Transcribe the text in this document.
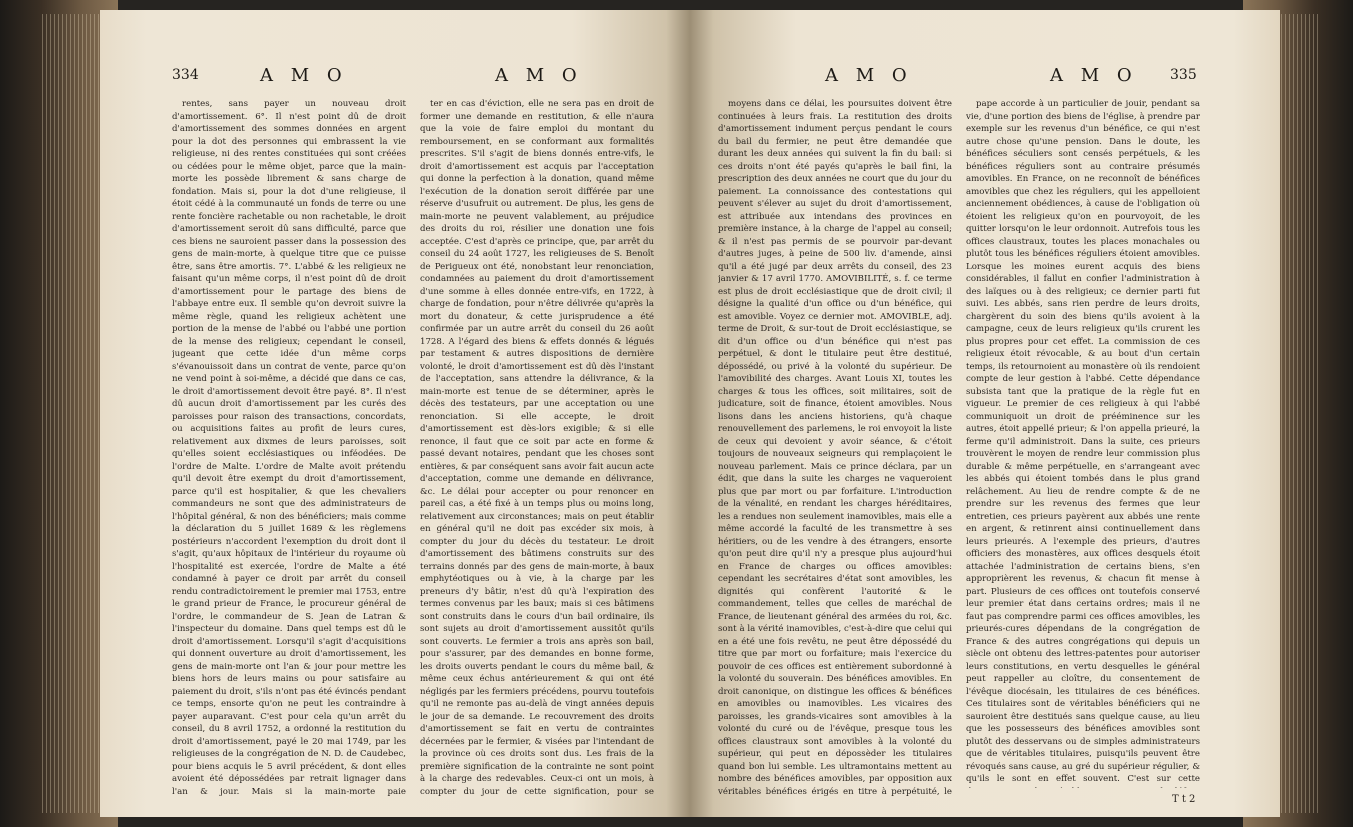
334	A M O	A M O

rentes, sans payer un nouveau droit d'amortissement. 6°. Il n'est point dû de droit d'amortissement des sommes données en argent pour la dot des personnes qui embrassent la vie religieuse, ni des rentes constituées qui sont créées ou cédées pour le même objet, parce que la main-morte les possède librement & sans charge de fondation. Mais si, pour la dot d'une religieuse, il étoit cédé à la communauté un fonds de terre ou une rente foncière rachetable ou non rachetable, le droit d'amortissement seroit dû sans difficulté, parce que ces biens ne sauroient passer dans la possession des gens de main-morte, à quelque titre que ce puisse être, sans être amortis. 7°. L'abbé & les religieux ne faisant qu'un même corps, il n'est point dû de droit d'amortissement pour le partage des biens de l'abbaye entre eux. Il semble qu'on devroit suivre la même règle, quand les religieux achètent une portion de la mense de l'abbé ou l'abbé une portion de la mense des religieux; cependant le conseil, jugeant que cette idée d'un même corps s'évanouissoit dans un contrat de vente, parce qu'on ne vend point à soi-même, a décidé que dans ce cas, le droit d'amortissement devoit être payé. 8°. Il n'est dû aucun droit d'amortissement par les curés des paroisses pour raison des transactions, concordats, ou acquisitions faites au profit de leurs cures, relativement aux dixmes de leurs paroisses, soit qu'elles soient ecclésiastiques ou inféodées. De l'ordre de Malte. L'ordre de Malte avoit prétendu qu'il devoit être exempt du droit d'amortissement, parce qu'il est hospitalier, & que les chevaliers commandeurs ne sont que des administrateurs de l'hôpital général, & non des bénéficiers; mais comme la déclaration du 5 juillet 1689 & les règlemens postérieurs n'accordent l'exemption du droit dont il s'agit, qu'aux hôpitaux de l'intérieur du royaume où l'hospitalité est exercée, l'ordre de Malte a été condamné à payer ce droit par arrêt du conseil rendu contradictoirement le premier mai 1753, entre le grand prieur de France, le procureur général de l'ordre, le commandeur de S. Jean de Latran & l'inspecteur du domaine. Dans quel temps est dû le droit d'amortissement. Lorsqu'il s'agit d'acquisitions qui donnent ouverture au droit d'amortissement, les gens de main-morte ont l'an & jour pour mettre les biens hors de leurs mains ou pour satisfaire au paiement du droit, s'ils n'ont pas été évincés pendant ce temps, ensorte qu'on ne peut les contraindre à payer auparavant. C'est pour cela qu'un arrêt du conseil, du 8 avril 1752, a ordonné la restitution du droit d'amortissement, payé le 20 mai 1749, par les religieuses de la congrégation de N. D. de Caudebec, pour biens acquis le 5 avril précédent, & dont elles avoient été dépossédées par retrait lignager dans l'an & jour. Mais si la main-morte paie

ter en cas d'éviction, elle ne sera pas en droit de former une demande en restitution, & elle n'aura que la voie de faire emploi du montant du remboursement, en se conformant aux formalités prescrites. S'il s'agit de biens donnés entre-vifs, le droit d'amortissement est acquis par l'acceptation qui donne la perfection à la donation, quand même l'exécution de la donation seroit différée par une réserve d'usufruit ou autrement. De plus, les gens de main-morte ne peuvent valablement, au préjudice des droits du roi, résilier une donation une fois acceptée. C'est d'après ce principe, que, par arrêt du conseil du 24 août 1727, les religieuses de S. Benoît de Perigueux ont été, nonobstant leur renonciation, condamnées au paiement du droit d'amortissement d'une somme à elles donnée entre-vifs, en 1722, à charge de fondation, pour n'être délivrée qu'après la mort du donateur, & cette jurisprudence a été confirmée par un autre arrêt du conseil du 26 août 1728. A l'égard des biens & effets donnés & légués par testament & autres dispositions de dernière volonté, le droit d'amortissement est dû dès l'instant de l'acceptation, sans attendre la délivrance, & la main-morte est tenue de se déterminer, après le décès des testateurs, par une acceptation ou une renonciation. Si elle accepte, le droit d'amortissement est dès-lors exigible; & si elle renonce, il faut que ce soit par acte en forme & passé devant notaires, pendant que les choses sont entières, & par conséquent sans avoir fait aucun acte d'acceptation, comme une demande en délivrance, &c. Le délai pour accepter ou pour renoncer en pareil cas, a été fixé à un temps plus ou moins long, relativement aux circonstances; mais on peut établir en général qu'il ne doit pas excéder six mois, à compter du jour du décès du testateur. Le droit d'amortissement des bâtimens construits sur des terrains donnés par des gens de main-morte, à baux emphytéotiques ou à vie, à la charge par les preneurs d'y bâtir, n'est dû qu'à l'expiration des termes convenus par les baux; mais si ces bâtimens sont construits dans le cours d'un bail ordinaire, ils sont sujets au droit d'amortissement aussitôt qu'ils sont couverts. Le fermier a trois ans après son bail, pour s'assurer, par des demandes en bonne forme, les droits ouverts pendant le cours du même bail, & même ceux échus antérieurement & qui ont été négligés par les fermiers précédens, pourvu toutefois qu'il ne remonte pas au-delà de vingt années depuis le jour de sa demande. Le recouvrement des droits d'amortissement se fait en vertu de contraintes décernées par le fermier, & visées par l'intendant de la province où ces droits sont dus. Les frais de la première signification de la contrainte ne sont point à la charge des redevables. Ceux-ci ont un mois, à compter du jour de cette signification, pour se

A M O	A M O 335

moyens dans ce délai, les poursuites doivent être continuées à leurs frais. La restitution des droits d'amortissement indument perçus pendant le cours du bail du fermier, ne peut être demandée que durant les deux années qui suivent la fin du bail: si ces droits n'ont été payés qu'après le bail fini, la prescription des deux années ne court que du jour du paiement. La connoissance des contestations qui peuvent s'élever au sujet du droit d'amortissement, est attribuée aux intendans des provinces en première instance, à la charge de l'appel au conseil; & il n'est pas permis de se pourvoir par-devant d'autres juges, à peine de 500 liv. d'amende, ainsi qu'il a été jugé par deux arrêts du conseil, des 23 janvier & 17 avril 1770. AMOVIBILITÉ, s. f. ce terme est plus de droit ecclésiastique que de droit civil; il désigne la qualité d'un office ou d'un bénéfice, qui est amovible. Voyez ce dernier mot. AMOVIBLE, adj. terme de Droit, & sur-tout de Droit ecclésiastique, se dit d'un office ou d'un bénéfice qui n'est pas perpétuel, & dont le titulaire peut être destitué, dépossédé, ou privé à la volonté du supérieur. De l'amovibilité des charges. Avant Louis XI, toutes les charges & tous les offices, soit militaires, soit de judicature, soit de finance, étoient amovibles. Nous lisons dans les anciens historiens, qu'à chaque renouvellement des parlemens, le roi envoyoit la liste de ceux qui devoient y avoir séance, & c'étoit toujours de nouveaux seigneurs qui remplaçoient le nouveau parlement. Mais ce prince déclara, par un édit, que dans la suite les charges ne vaqueroient plus que par mort ou par forfaiture. L'introduction de la vénalité, en rendant les charges héréditaires, les a rendues non seulement inamovibles, mais elle a même accordé la faculté de les transmettre à ses héritiers, ou de les vendre à des étrangers, ensorte qu'on peut dire qu'il n'y a presque plus aujourd'hui en France de charges ou offices amovibles: cependant les secrétaires d'état sont amovibles, les dignités qui confèrent l'autorité & le commandement, telles que celles de maréchal de France, de lieutenant général des armées du roi, &c. sont à la vérité inamovibles, c'est-à-dire que celui qui en a été une fois revêtu, ne peut être dépossédé du titre que par mort ou forfaiture; mais l'exercice du pouvoir de ces offices est entièrement subordonné à la volonté du souverain. Des bénéfices amovibles. En droit canonique, on distingue les offices & bénéfices en amovibles ou inamovibles. Les vicaires des paroisses, les grands-vicaires sont amovibles à la volonté du curé ou de l'évêque, presque tous les offices claustraux sont amovibles à la volonté du supérieur, qui peut en dépossèder les titulaires quand bon lui semble. Les ultramontains mettent au nombre des bénéfices amovibles, par opposition aux véritables bénéfices érigés en titre à perpétuité, le

pape accorde à un particulier de jouir, pendant sa vie, d'une portion des biens de l'église, à prendre par exemple sur les revenus d'un bénéfice, ce qui n'est autre chose qu'une pension. Dans le doute, les bénéfices séculiers sont censés perpétuels, & les bénéfices réguliers sont au contraire présumés amovibles. En France, on ne reconnoît de bénéfices amovibles que chez les réguliers, qui les appelloient anciennement obédiences, à cause de l'obligation où étoient les religieux qu'on en pourvoyoit, de les quitter lorsqu'on le leur ordonnoit. Autrefois tous les offices claustraux, toutes les places monachales ou plutôt tous les bénéfices réguliers étoient amovibles. Lorsque les moines eurent acquis des biens considérables, il fallut en confier l'administration à des laïques ou à des religieux; ce dernier parti fut suivi. Les abbés, sans rien perdre de leurs droits, chargèrent du soin des biens qu'ils avoient à la campagne, ceux de leurs religieux qu'ils crurent les plus propres pour cet effet. La commission de ces religieux étoit révocable, & au bout d'un certain temps, ils retournoient au monastère où ils rendoient compte de leur gestion à l'abbé. Cette dépendance subsista tant que la pratique de la règle fut en vigueur. Le premier de ces religieux à qui l'abbé communiquoit un droit de prééminence sur les autres, étoit appellé prieur; & l'on appella prieuré, la ferme qu'il administroit. Dans la suite, ces prieurs trouvèrent le moyen de rendre leur commission plus durable & même perpétuelle, en s'arrangeant avec les abbés qui étoient tombés dans le plus grand relâchement. Au lieu de rendre compte & de ne prendre sur les revenus des fermes que leur entretien, ces prieurs payèrent aux abbés une rente en argent, & retinrent ainsi continuellement dans leurs prieurés. A l'exemple des prieurs, d'autres officiers des monastères, aux offices desquels étoit attachée l'administration de certains biens, s'en approprièrent les revenus, & chacun fit mense à part. Plusieurs de ces offices ont toutefois conservé leur premier état dans certains ordres; mais il ne faut pas comprendre parmi ces offices amovibles, les prieurés-cures dépendans de la congrégation de France & des autres congrégations qui depuis un siècle ont obtenu des lettres-patentes pour autoriser leurs constitutions, en vertu desquelles le général peut rappeller au cloître, du consentement de l'évêque diocésain, les titulaires de ces bénéfices. Ces titulaires sont de véritables bénéficiers qui ne sauroient être destitués sans quelque cause, au lieu que les possesseurs des bénéfices amovibles sont plutôt des desservans ou de simples administrateurs que de véritables titulaires, puisqu'ils peuvent être révoqués sans cause, au gré du supérieur régulier, & qu'ils le sont en effet souvent. C'est sur cette

T t 2
